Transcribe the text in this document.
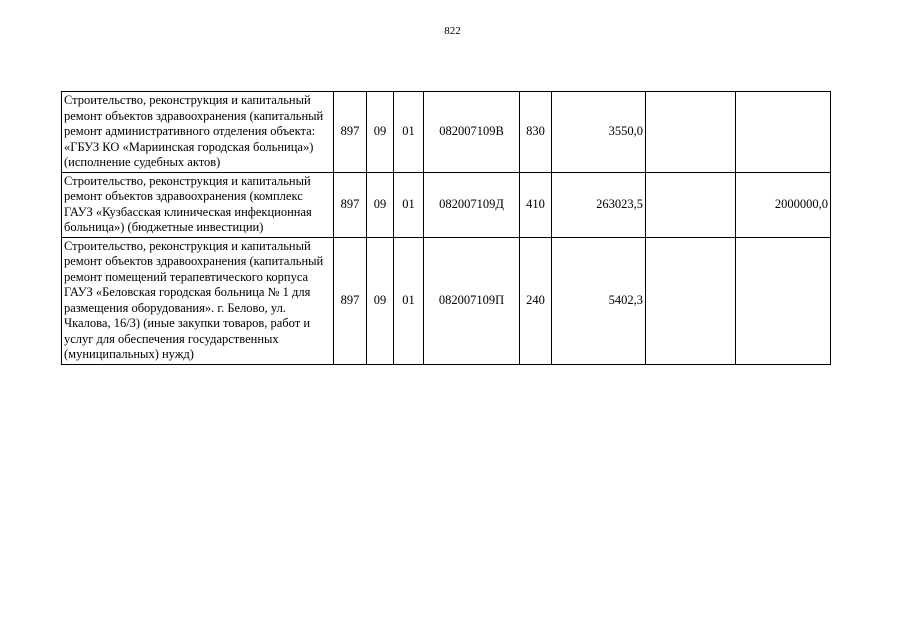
822
Строительство, реконструкция и капитальный ремонт объектов здравоохранения (капитальный ремонт административного отделения объекта: «ГБУЗ КО «Мариинская городская больница») (исполнение судебных актов)	897	09	01	082007109В	830	3550,0		
Строительство, реконструкция и капитальный ремонт объектов здравоохранения (комплекс ГАУЗ «Кузбасская клиническая инфекционная больница») (бюджетные инвестиции)	897	09	01	082007109Д	410	263023,5		2000000,0
Строительство, реконструкция и капитальный ремонт объектов здравоохранения (капитальный ремонт помещений терапевтического корпуса ГАУЗ «Беловская городская больница № 1 для размещения оборудования». г. Белово, ул. Чкалова, 16/3) (иные закупки товаров, работ и услуг для обеспечения государственных (муниципальных) нужд)	897	09	01	082007109П	240	5402,3		
